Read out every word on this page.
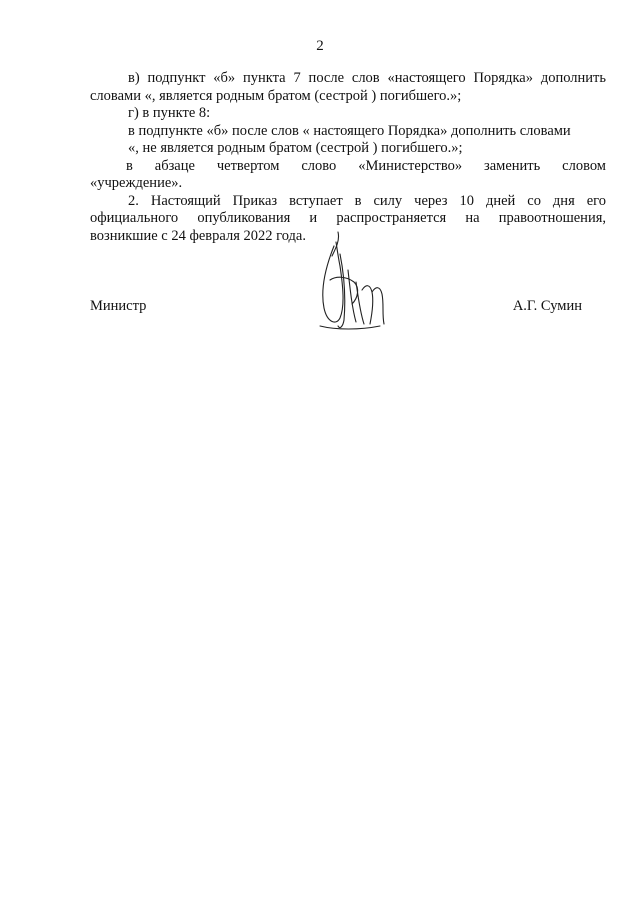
2
в) подпункт «б» пункта 7 после слов «настоящего Порядка» дополнить
словами «, является родным братом (сестрой ) погибшего.»;
г) в пункте 8:
в подпункте «б» после слов « настоящего Порядка» дополнить словами
«, не является родным братом (сестрой ) погибшего.»;
в абзаце четвертом слово «Министерство» заменить словом
«учреждение».
2. Настоящий Приказ вступает в силу через 10 дней со дня его
официального опубликования и распространяется на правоотношения,
возникшие с 24 февраля 2022 года.
Министр	А.Г. Сумин
